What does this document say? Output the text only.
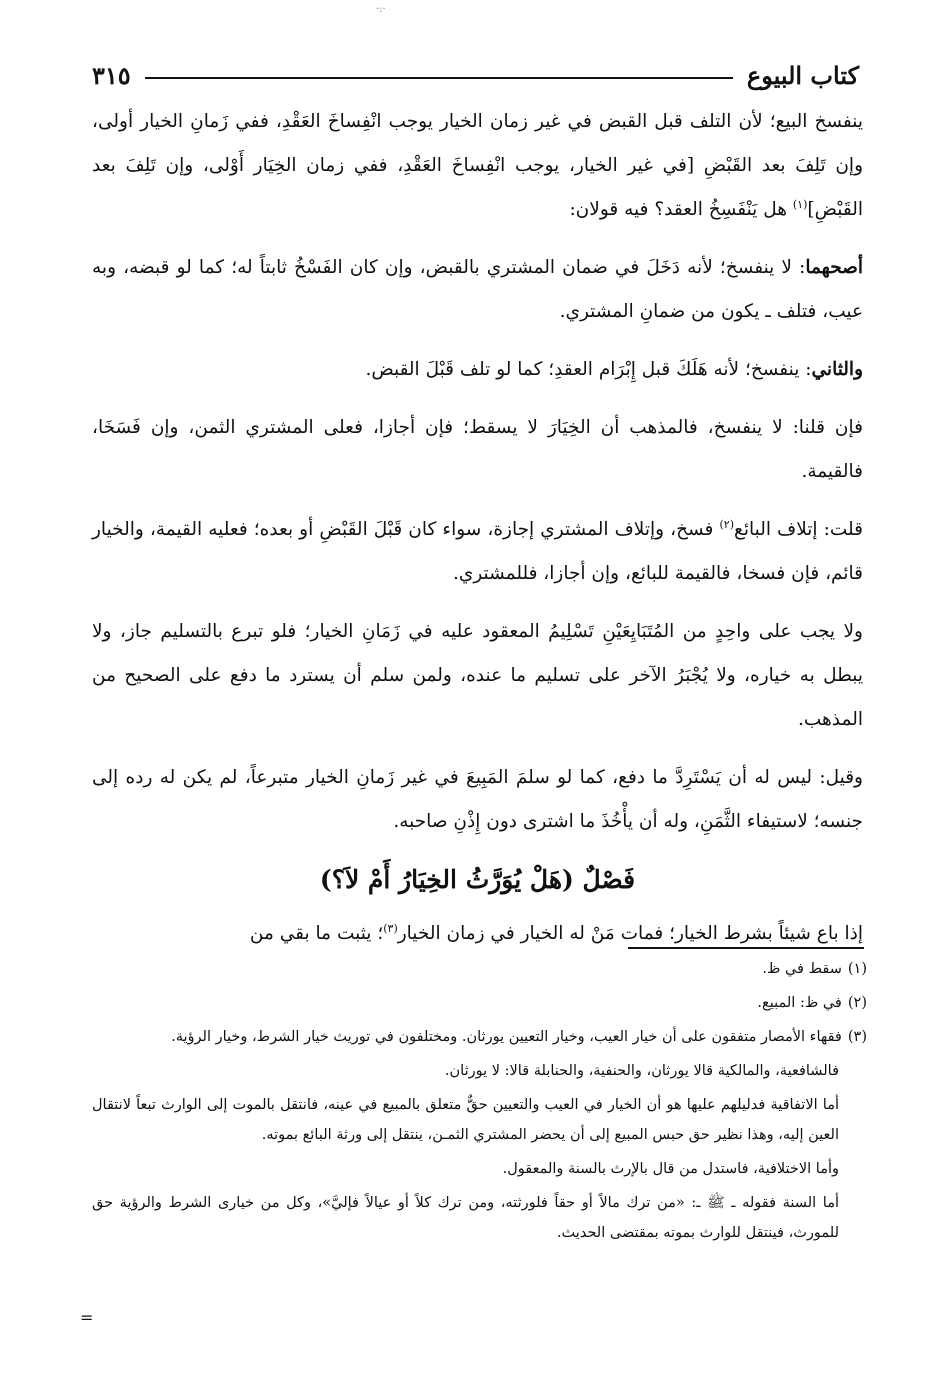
·:·
كتاب البيوع
٣١٥

ينفسخ البيع؛ لأن التلف قبل القبض في غير زمان الخيار يوجب انْفِساخَ العَقْدِ، ففي زَمانِ الخيار أولى، وإن تَلِفَ بعد القَبْضِ [في غير الخيار، يوجب انْفِساخَ العَقْدِ، ففي زمان الخِيَار أَوْلى، وإن تَلِفَ بعد القَبْضِ]$^{(١)}$ هل يَنْفَسِخُ العقد؟ فيه قولان:

أصحهما: لا ينفسخ؛ لأنه دَخَلَ في ضمان المشتري بالقبض، وإن كان الفَسْخُ ثابتاً له؛ كما لو قبضه، وبه عيب، فتلف ـ يكون من ضمانِ المشتري.

والثاني: ينفسخ؛ لأنه هَلَكَ قبل إِبْرَام العقدِ؛ كما لو تلف قَبْلَ القبض.

فإن قلنا: لا ينفسخ، فالمذهب أن الخِيَارَ لا يسقط؛ فإن أجازا، فعلى المشتري الثمن، وإن فَسَخَا، فالقيمة.

قلت: إتلاف البائع$^{(٢)}$ فسخ، وإتلاف المشتري إجازة، سواء كان قَبْلَ القَبْضِ أو بعده؛ فعليه القيمة، والخيار قائم، فإن فسخا، فالقيمة للبائع، وإن أجازا، فللمشتري.

ولا يجب على واحِدٍ من المُتَبَايِعَيْنِ تَسْلِيمُ المعقود عليه في زَمَانِ الخيار؛ فلو تبرع بالتسليم جاز، ولا يبطل به خياره، ولا يُجْبَرُ الآخر على تسليم ما عنده، ولمن سلم أن يسترد ما دفع على الصحيح من المذهب.

وقيل: ليس له أن يَسْتَرِدَّ ما دفع، كما لو سلمَ المَبِيعَ في غير زَمانِ الخيار متبرعاً، لم يكن له رده إلى جنسه؛ لاستيفاء الثَّمَنِ، وله أن يأْخُذَ ما اشترى دون إِذْنِ صاحبه.

فَصْلٌ (هَلْ يُوَرَّثُ الخِيَارُ أَمْ لاَ؟)

إذا باع شيئاً بشرط الخيار؛ فمات مَنْ له الخيار في زمان الخيار$^{(٣)}$؛ يثبت ما بقي من

(١)سقط في ظ.

(٢)في ظ: المبيع.

(٣)فقهاء الأمصار متفقون على أن خيار العيب، وخيار التعيين يورثان. ومختلفون في توريث خيار الشرط، وخيار الرؤية.

فالشافعية، والمالكية قالا يورثان، والحنفية، والحنابلة قالا: لا يورثان.

أما الاتفاقية فدليلهم عليها هو أن الخيار في العيب والتعيين حقٌّ متعلق بالمبيع في عينه، فانتقل بالموت إلى الوارث تبعاً لانتقال العين إليه، وهذا نظير حق حبس المبيع إلى أن يحضر المشتري الثمـن، ينتقل إلى ورثة البائع بموته.

وأما الاختلافية، فاستدل من قال بالإرث بالسنة والمعقول.

أما السنة فقوله ـ ﷺ ـ: «من ترك مالاً أو حقاً فلورثته، ومن ترك كلاً أو عيالاً فإليَّ»، وكل من خيارى الشرط والرؤية حق للمورث، فينتقل للوارث بموته بمقتضى الحديث.

=
